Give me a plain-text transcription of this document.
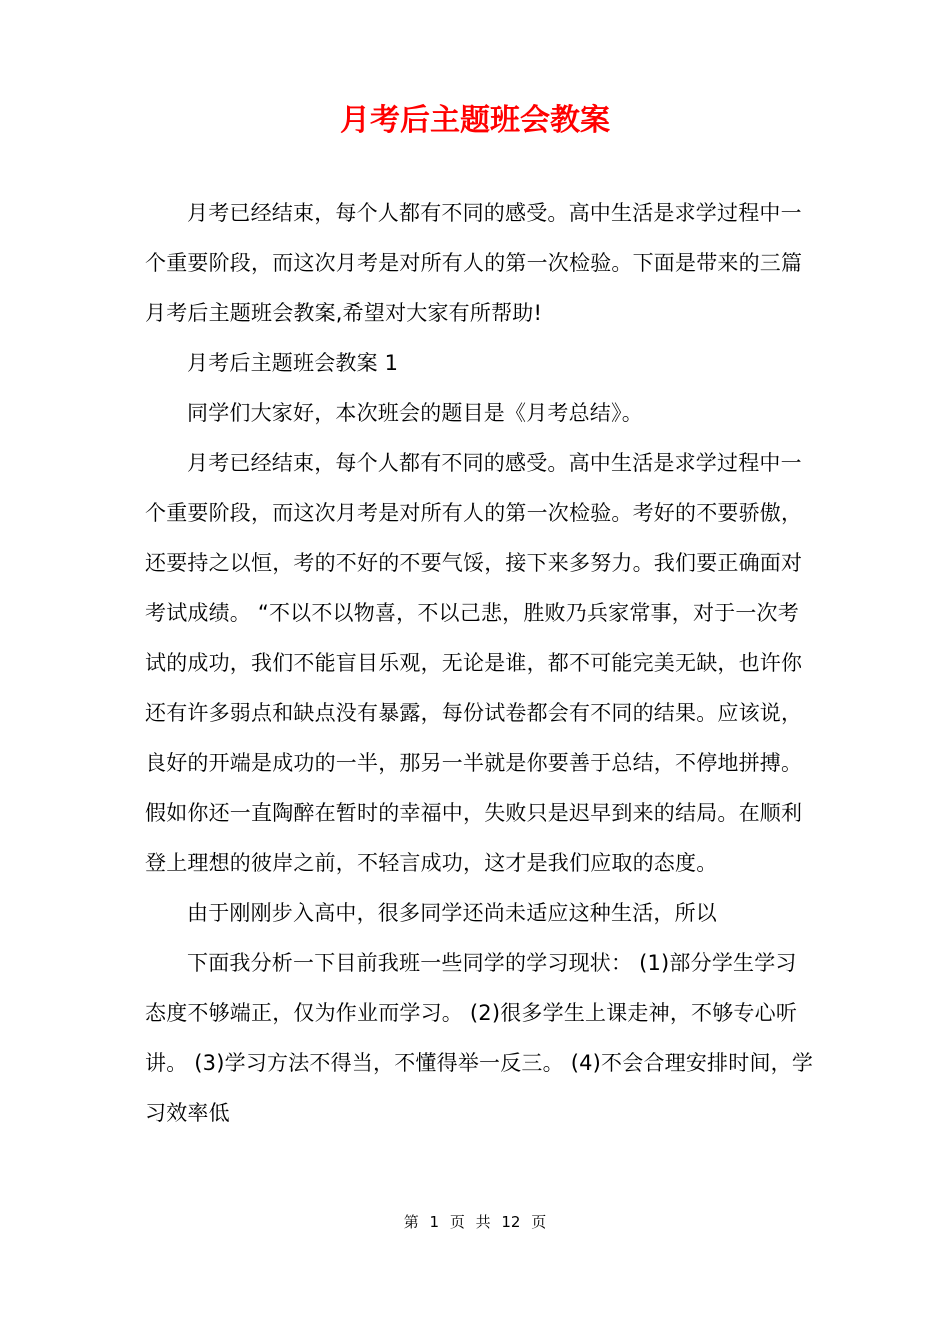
月考后主题班会教案

月考已经结束，每个人都有不同的感受。高中生活是求学过程中一个重要阶段，而这次月考是对所有人的第一次检验。下面是带来的三篇月考后主题班会教案,希望对大家有所帮助!

月考后主题班会教案 1

同学们大家好，本次班会的题目是《月考总结》。

月考已经结束，每个人都有不同的感受。高中生活是求学过程中一个重要阶段，而这次月考是对所有人的第一次检验。考好的不要骄傲，还要持之以恒，考的不好的不要气馁，接下来多努力。我们要正确面对考试成绩。 “不以不以物喜，不以己悲，胜败乃兵家常事，对于一次考试的成功，我们不能盲目乐观，无论是谁，都不可能完美无缺，也许你还有许多弱点和缺点没有暴露，每份试卷都会有不同的结果。应该说，良好的开端是成功的一半，那另一半就是你要善于总结，不停地拼搏。假如你还一直陶醉在暂时的幸福中，失败只是迟早到来的结局。在顺利登上理想的彼岸之前，不轻言成功，这才是我们应取的态度。

由于刚刚步入高中，很多同学还尚未适应这种生活，所以

下面我分析一下目前我班一些同学的学习现状： (1)部分学生学习态度不够端正，仅为作业而学习。 (2)很多学生上课走神，不够专心听讲。 (3)学习方法不得当，不懂得举一反三。 (4)不会合理安排时间，学习效率低

第 1 页 共 12 页
